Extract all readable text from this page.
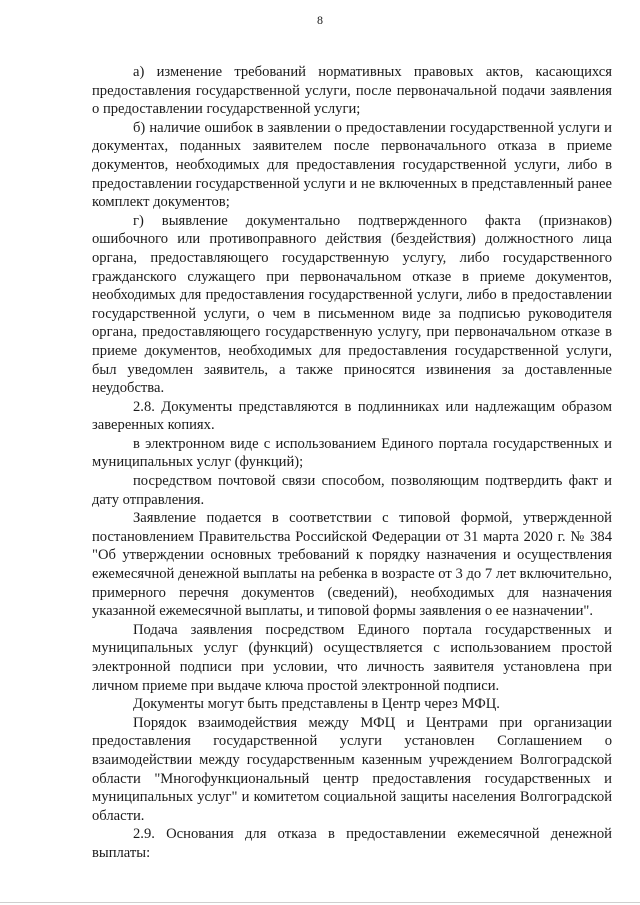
8

а) изменение требований нормативных правовых актов, касающихся предоставления государственной услуги, после первоначальной подачи заявления о предоставлении государственной услуги;

б) наличие ошибок в заявлении о предоставлении государственной услуги и документах, поданных заявителем после первоначального отказа в приеме документов, необходимых для предоставления государственной услуги, либо в предоставлении государственной услуги и не включенных в представленный ранее комплект документов;

г) выявление документально подтвержденного факта (признаков) ошибочного или противоправного действия (бездействия) должностного лица органа, предоставляющего государственную услугу, либо государственного гражданского служащего при первоначальном отказе в приеме документов, необходимых для предоставления государственной услуги, либо в предоставлении государственной услуги, о чем в письменном виде за подписью руководителя органа, предоставляющего государственную услугу, при первоначальном отказе в приеме документов, необходимых для предоставления государственной услуги, был уведомлен заявитель, а также приносятся извинения за доставленные неудобства.

2.8. Документы представляются в подлинниках или надлежащим образом заверенных копиях.

в электронном виде с использованием Единого портала государственных и муниципальных услуг (функций);

посредством почтовой связи способом, позволяющим подтвердить факт и дату отправления.

Заявление подается в соответствии с типовой формой, утвержденной постановлением Правительства Российской Федерации от 31 марта 2020 г. № 384 "Об утверждении основных требований к порядку назначения и осуществления ежемесячной денежной выплаты на ребенка в возрасте от 3 до 7 лет включительно, примерного перечня документов (сведений), необходимых для назначения указанной ежемесячной выплаты, и типовой формы заявления о ее назначении".

Подача заявления посредством Единого портала государственных и муниципальных услуг (функций) осуществляется с использованием простой электронной подписи при условии, что личность заявителя установлена при личном приеме при выдаче ключа простой электронной подписи.

Документы могут быть представлены в Центр через МФЦ.

Порядок взаимодействия между МФЦ и Центрами при организации предоставления государственной услуги установлен Соглашением о взаимодействии между государственным казенным учреждением Волгоградской области "Многофункциональный центр предоставления государственных и муниципальных услуг" и комитетом социальной защиты населения Волгоградской области.

2.9. Основания для отказа в предоставлении ежемесячной денежной выплаты:
